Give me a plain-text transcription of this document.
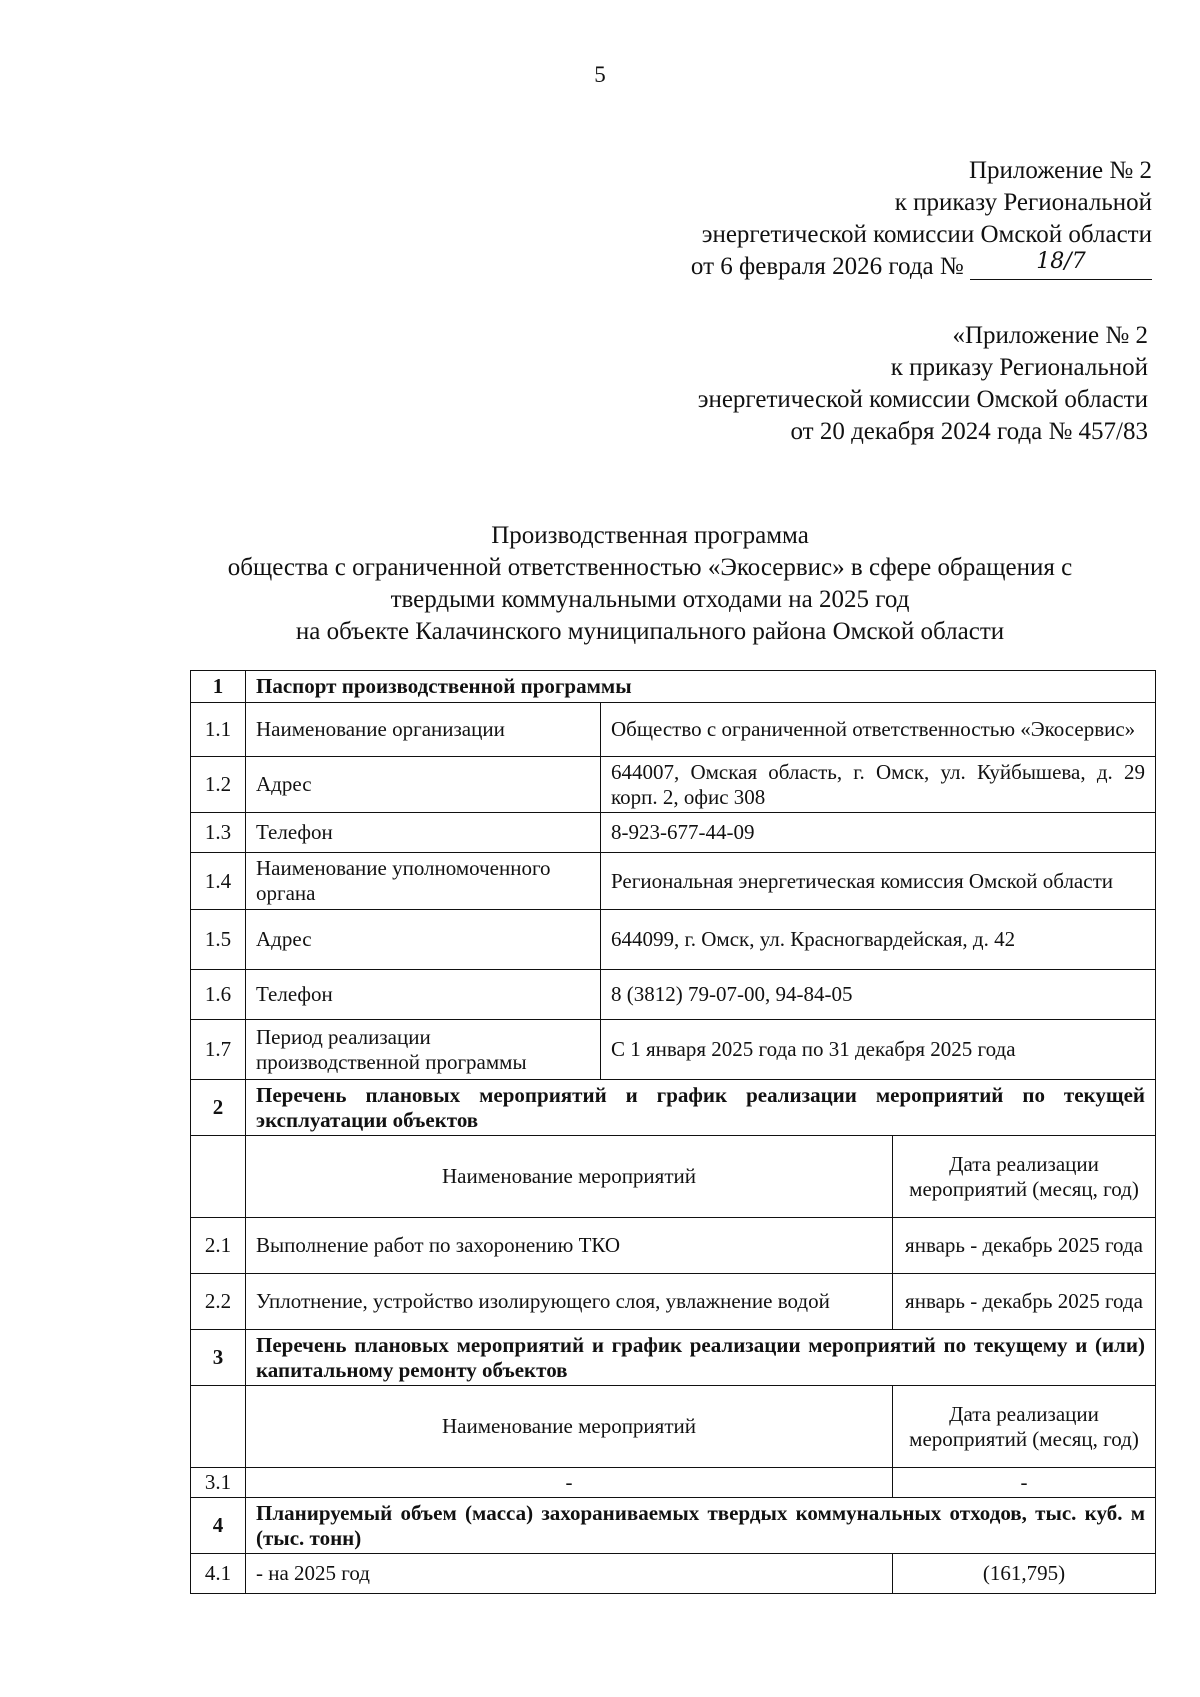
5
Приложение № 2
к приказу Региональной
энергетической комиссии Омской области
от 6 февраля 2026 года №	18/7
«Приложение № 2
к приказу Региональной
энергетической комиссии Омской области
от 20 декабря 2024 года № 457/83
Производственная программа
общества с ограниченной ответственностью «Экосервис» в сфере обращения с
твердыми коммунальными отходами на 2025 год
на объекте Калачинского муниципального района Омской области
1	Паспорт производственной программы		
1.1	Наименование организации	Общество с ограниченной ответственностью «Экосервис»	
1.2	Адрес	644007, Омская область, г. Омск, ул. Куйбышева, д. 29 корп. 2, офис 308	
1.3	Телефон	8-923-677-44-09	
1.4	Наименование уполномоченного органа	Региональная энергетическая комиссия Омской области	
1.5	Адрес	644099, г. Омск, ул. Красногвардейская, д. 42	
1.6	Телефон	8 (3812) 79-07-00, 94-84-05	
1.7	Период реализации производственной программы	С 1 января 2025 года по 31 декабря 2025 года	
2	Перечень плановых мероприятий и график реализации мероприятий по текущей эксплуатации объектов		
	Наименование мероприятий		Дата реализации мероприятий (месяц, год)
2.1	Выполнение работ по захоронению ТКО		январь - декабрь 2025 года
2.2	Уплотнение, устройство изолирующего слоя, увлажнение водой		январь - декабрь 2025 года
3	Перечень плановых мероприятий и график реализации мероприятий по текущему и (или) капитальному ремонту объектов		
	Наименование мероприятий		Дата реализации мероприятий (месяц, год)
3.1	-		-
4	Планируемый объем (масса) захораниваемых твердых коммунальных отходов, тыс. куб. м (тыс. тонн)		
4.1	- на 2025 год		(161,795)
